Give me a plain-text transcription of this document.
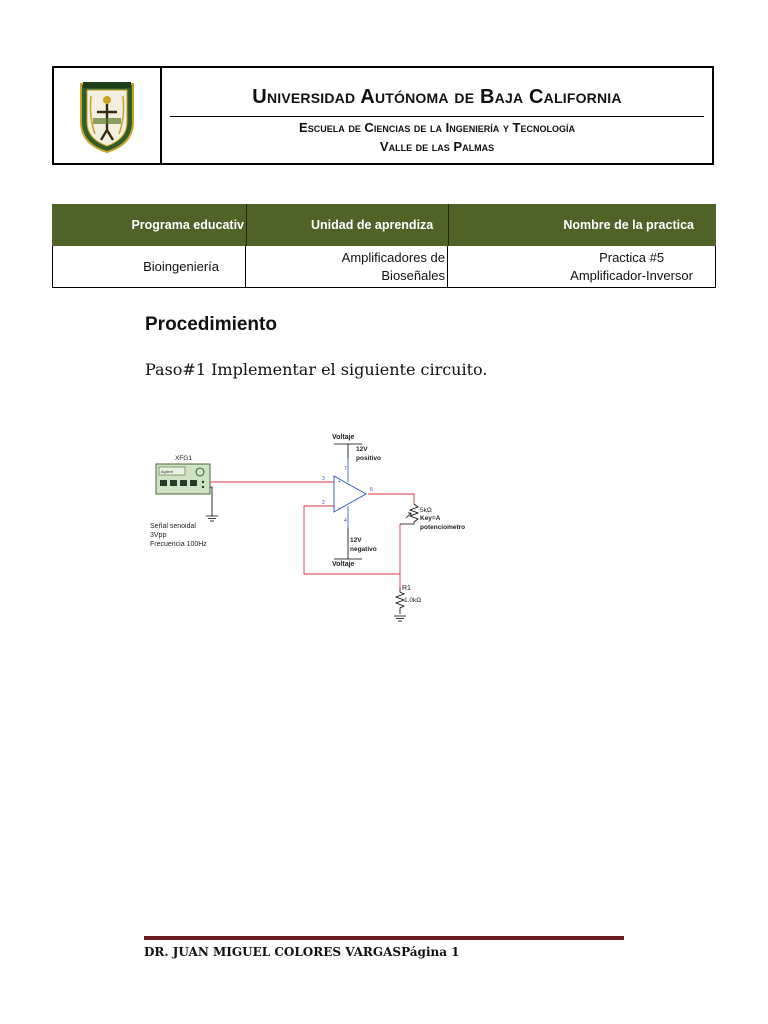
Universidad Autónoma de Baja California
Escuela de Ciencias de la Ingeniería y Tecnología
Valle de las Palmas
Programa educativ	Unidad de aprendiza	Nombre de la practica
Bioingeniería
Amplificadores de
Bioseñales
Practica #5
Amplificador-Inversor
Procedimiento
Paso#1 Implementar el siguiente circuito.
XFG1
Agilent
Señal senoidal
3Vpp
Frecuencia 100Hz
+
−
3
2
6
7
4
Voltaje
12V
positivo
12V
negativo
Voltaje
5kΩ
Key=A
potenciometro
R1
1.0kΩ
DR. JUAN MIGUEL COLORES VARGASPágina 1
